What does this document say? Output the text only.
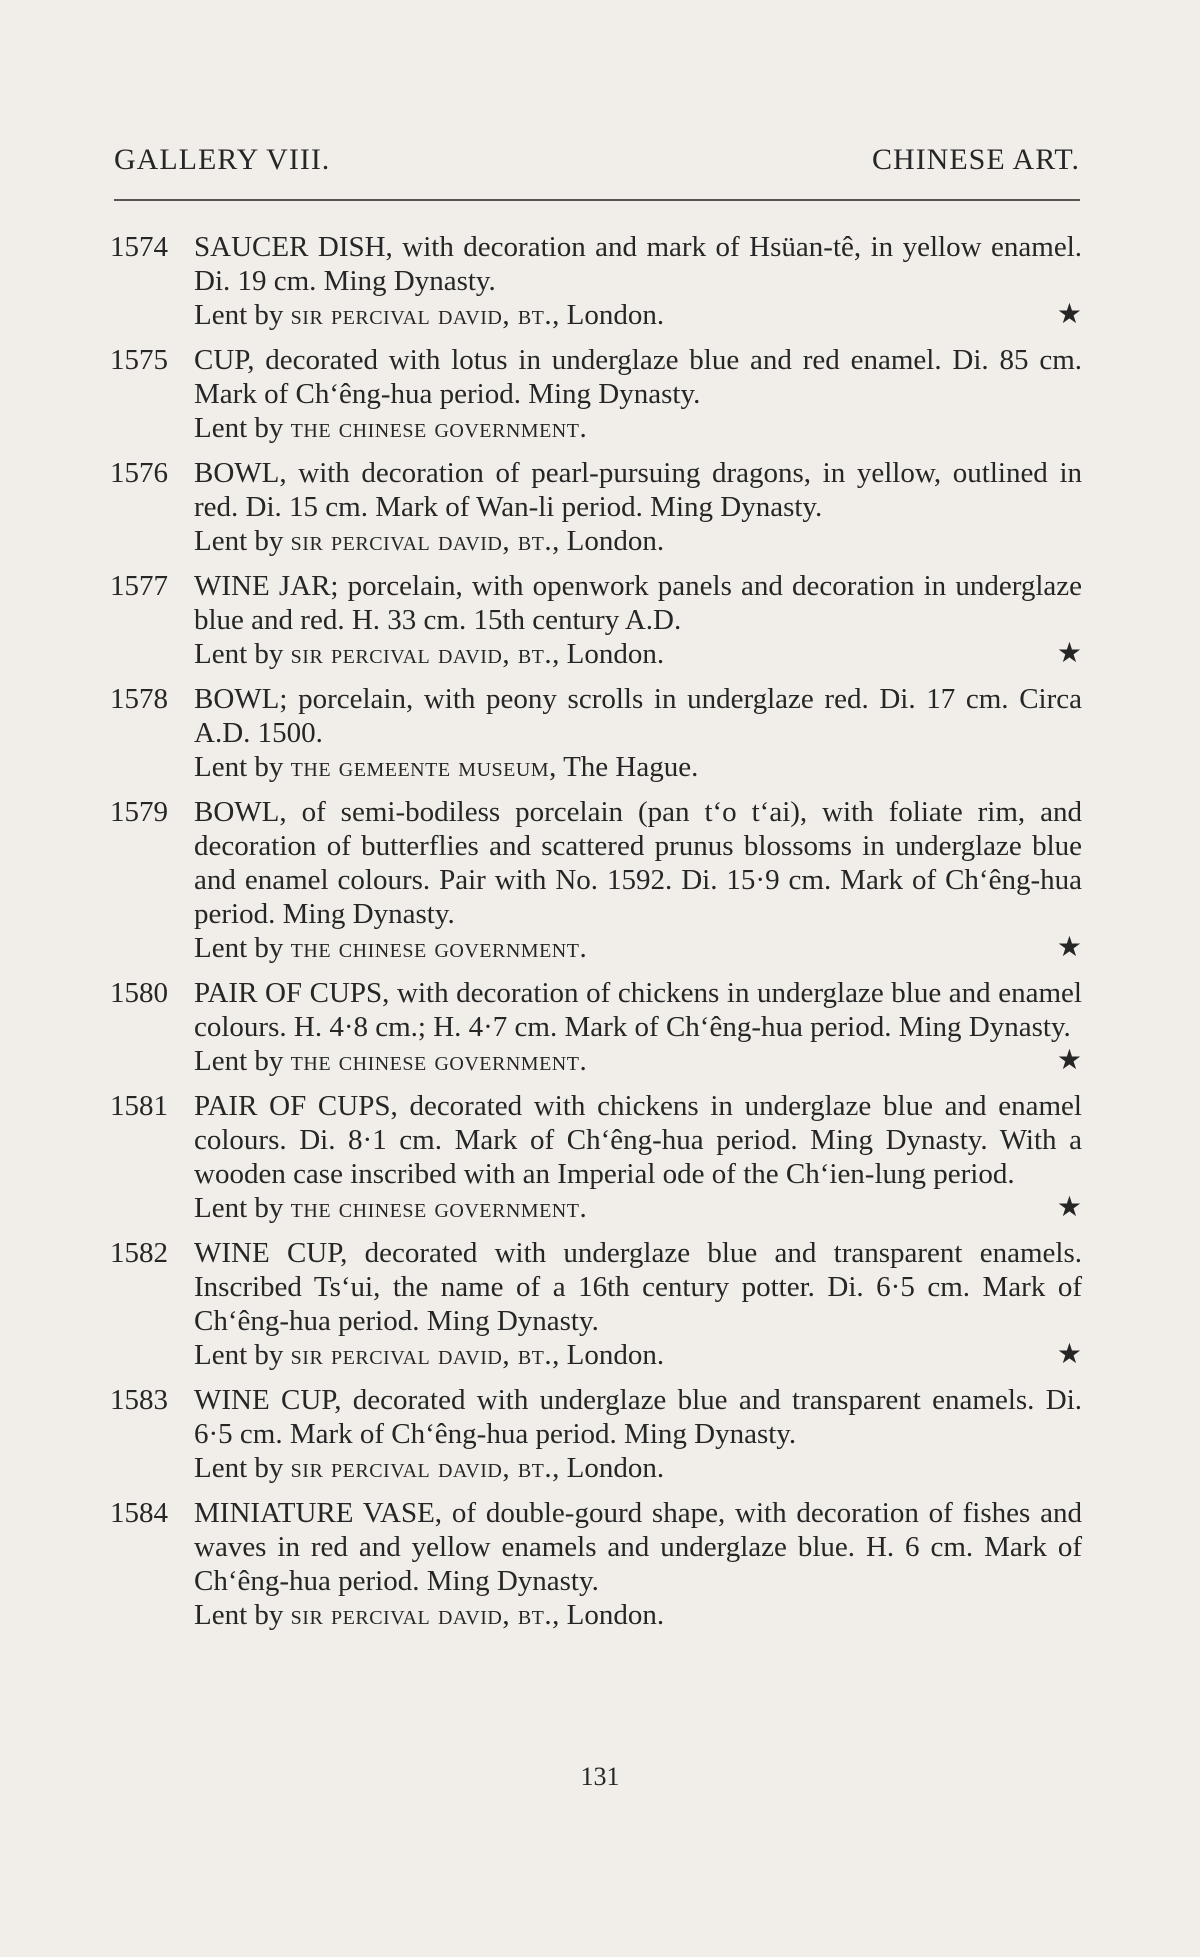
GALLERY VIII.	CHINESE ART.
1574 SAUCER DISH, with decoration and mark of Hsüan-tê, in yellow enamel. Di. 19 cm. Ming Dynasty.
★
Lent by sir percival david, bt., London.
1575 CUP, decorated with lotus in underglaze blue and red enamel. Di. 85 cm. Mark of Ch‘êng-hua period. Ming Dynasty.
Lent by the chinese government.
1576 BOWL, with decoration of pearl-pursuing dragons, in yellow, outlined in red. Di. 15 cm. Mark of Wan-li period. Ming Dynasty.
Lent by sir percival david, bt., London.
1577 WINE JAR; porcelain, with openwork panels and decoration in underglaze blue and red. H. 33 cm. 15th century A.D.
★
Lent by sir percival david, bt., London.
1578 BOWL; porcelain, with peony scrolls in underglaze red. Di. 17 cm. Circa A.D. 1500.
Lent by the gemeente museum, The Hague.
1579 BOWL, of semi-bodiless porcelain (pan t‘o t‘ai), with foliate rim, and decoration of butterflies and scattered prunus blossoms in underglaze blue and enamel colours. Pair with No. 1592. Di. 15·9 cm. Mark of Ch‘êng-hua period. Ming Dynasty.
★
Lent by the chinese government.
1580 PAIR OF CUPS, with decoration of chickens in underglaze blue and enamel colours. H. 4·8 cm.; H. 4·7 cm. Mark of Ch‘êng-hua period. Ming Dynasty.
★
Lent by the chinese government.
1581 PAIR OF CUPS, decorated with chickens in underglaze blue and enamel colours. Di. 8·1 cm. Mark of Ch‘êng-hua period. Ming Dynasty. With a wooden case inscribed with an Imperial ode of the Ch‘ien-lung period.
★
Lent by the chinese government.
1582 WINE CUP, decorated with underglaze blue and transparent enamels. Inscribed Ts‘ui, the name of a 16th century potter. Di. 6·5 cm. Mark of Ch‘êng-hua period. Ming Dynasty.
★
Lent by sir percival david, bt., London.
1583 WINE CUP, decorated with underglaze blue and transparent enamels. Di. 6·5 cm. Mark of Ch‘êng-hua period. Ming Dynasty.
Lent by sir percival david, bt., London.
1584 MINIATURE VASE, of double-gourd shape, with decoration of fishes and waves in red and yellow enamels and underglaze blue. H. 6 cm. Mark of Ch‘êng-hua period. Ming Dynasty.
Lent by sir percival david, bt., London.
131
